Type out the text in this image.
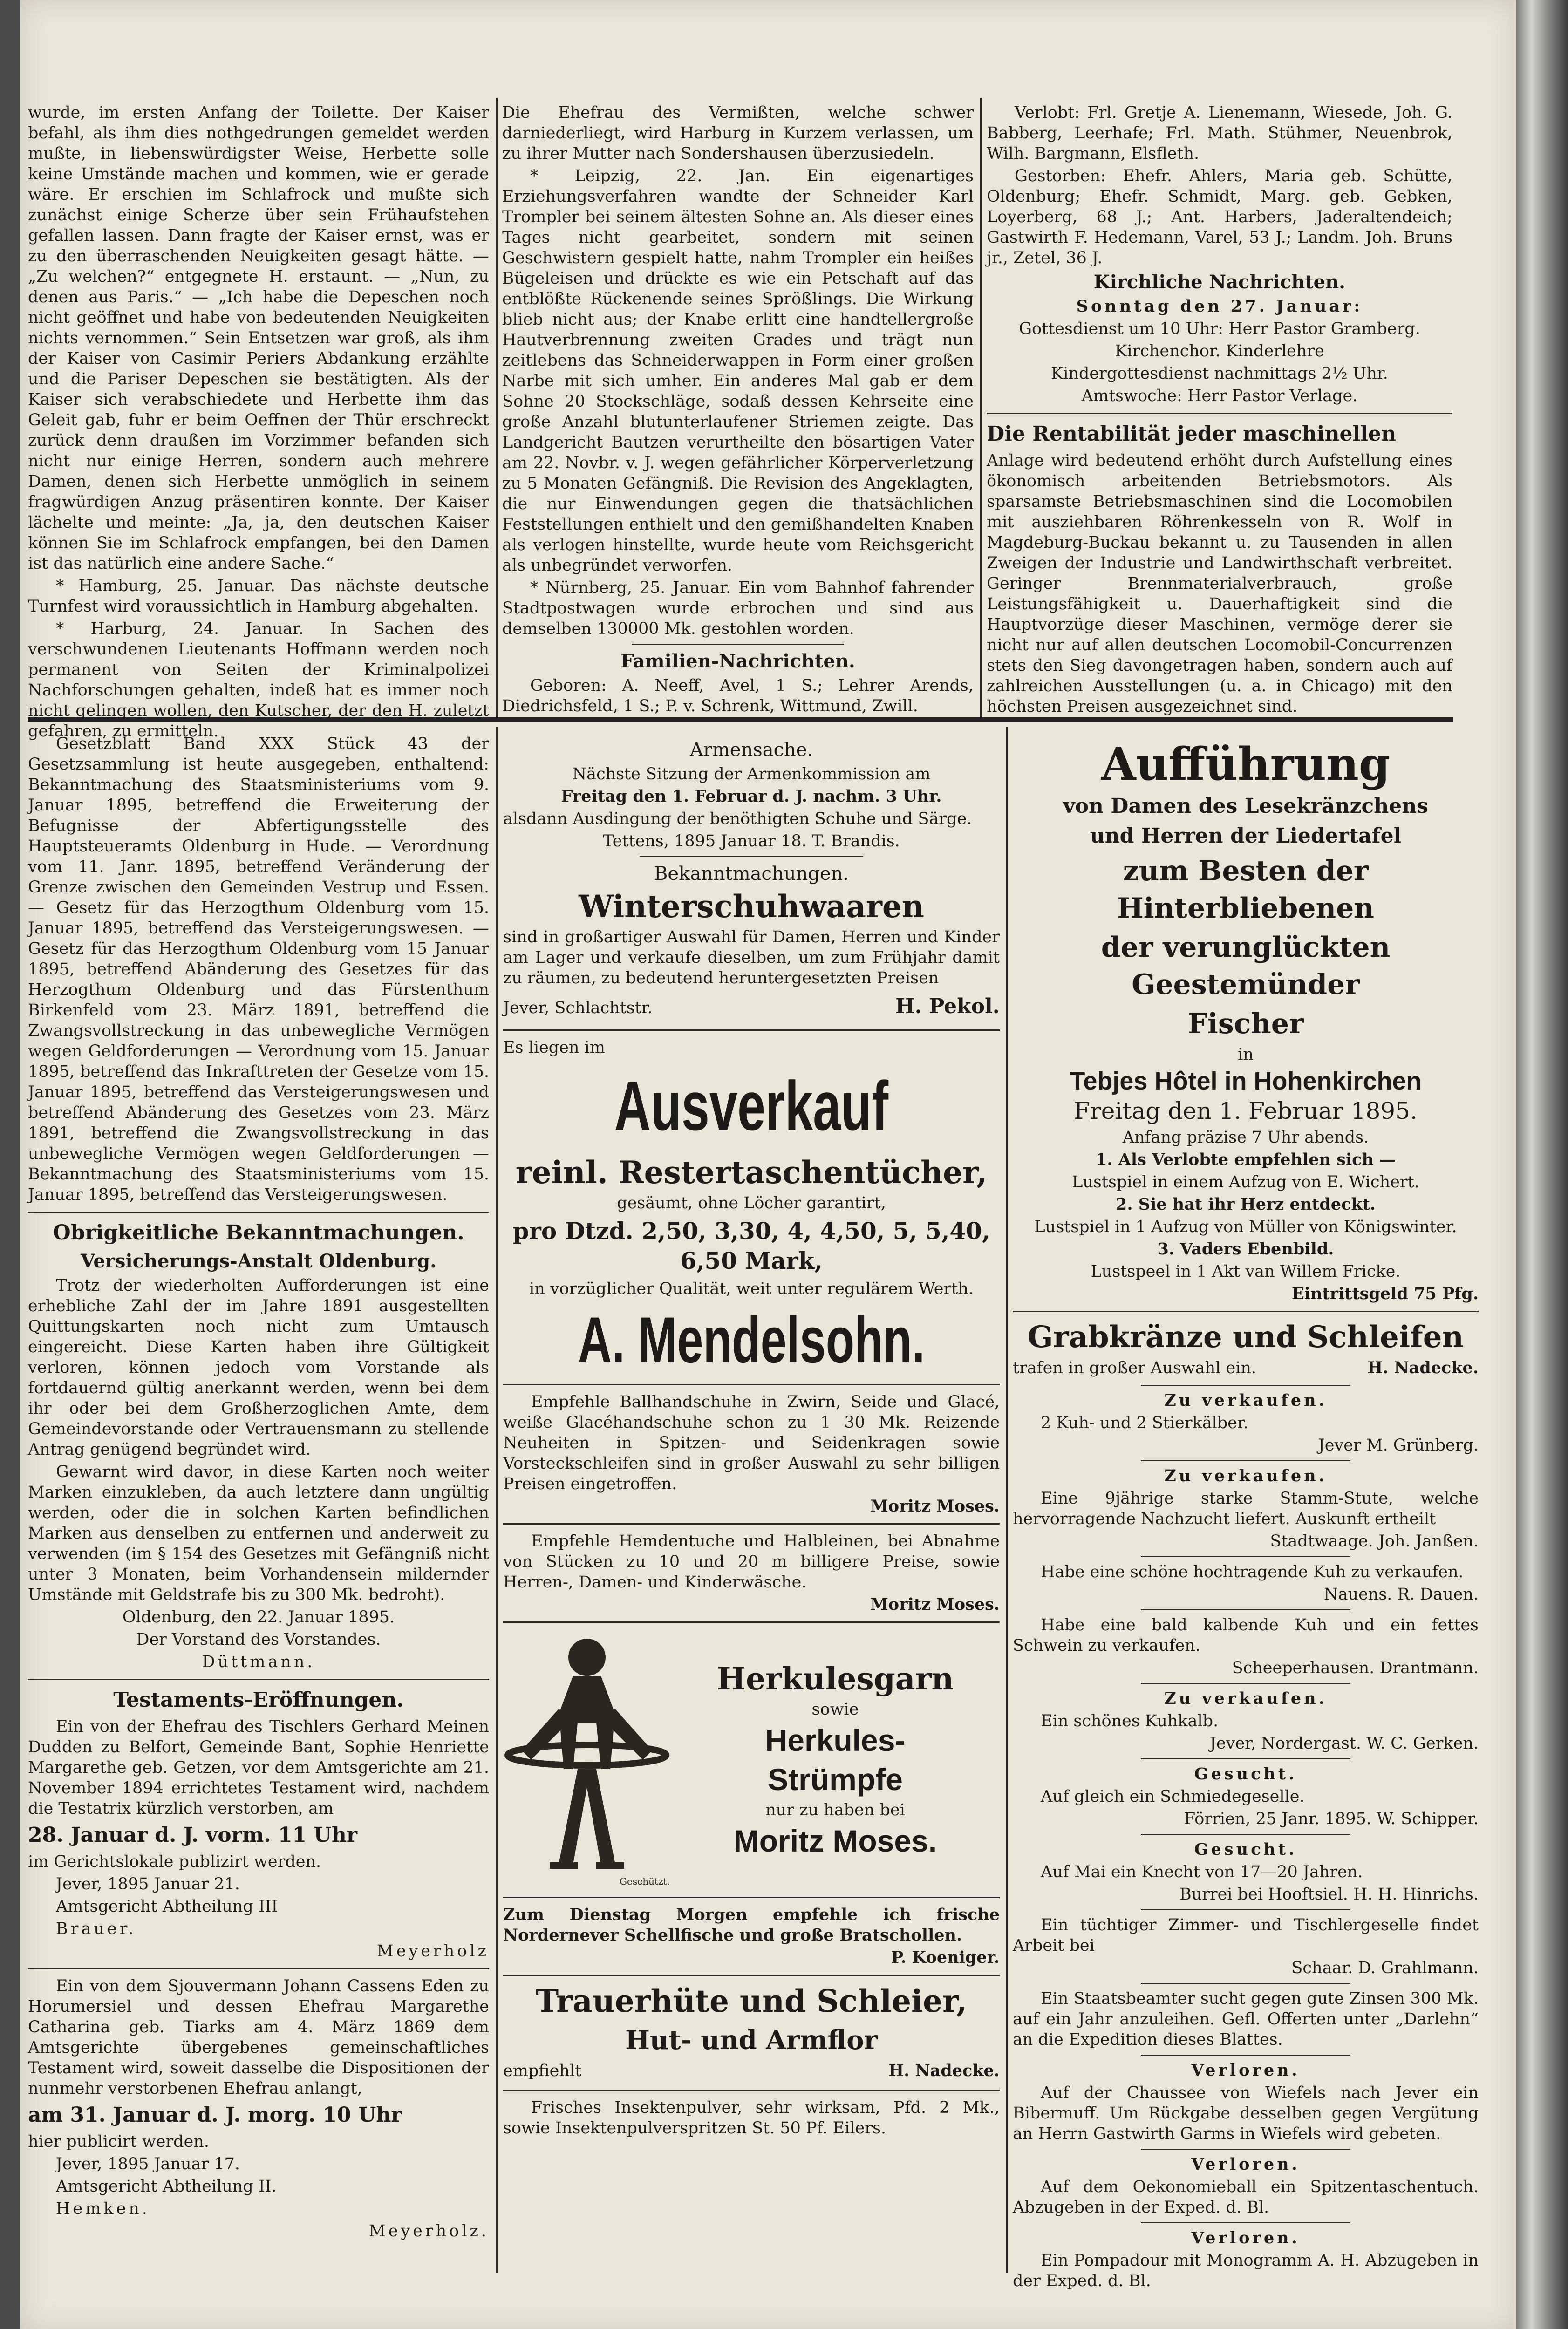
wurde, im ersten Anfang der Toilette. Der Kaiser befahl, als ihm dies nothgedrungen gemeldet werden mußte, in liebenswürdigster Weise, Herbette solle keine Umstände machen und kommen, wie er gerade wäre. Er erschien im Schlafrock und mußte sich zunächst einige Scherze über sein Frühaufstehen gefallen lassen. Dann fragte der Kaiser ernst, was er zu den überraschenden Neuigkeiten gesagt hätte. — „Zu welchen?“ entgegnete H. erstaunt. — „Nun, zu denen aus Paris.“ — „Ich habe die Depeschen noch nicht geöffnet und habe von bedeutenden Neuigkeiten nichts vernommen.“ Sein Entsetzen war groß, als ihm der Kaiser von Casimir Periers Abdankung erzählte und die Pariser Depeschen sie bestätigten. Als der Kaiser sich verabschiedete und Herbette ihm das Geleit gab, fuhr er beim Oeffnen der Thür erschreckt zurück denn draußen im Vorzimmer befanden sich nicht nur einige Herren, sondern auch mehrere Damen, denen sich Herbette unmöglich in seinem fragwürdigen Anzug präsentiren konnte. Der Kaiser lächelte und meinte: „Ja, ja, den deutschen Kaiser können Sie im Schlafrock empfangen, bei den Damen ist das natürlich eine andere Sache.“

* Hamburg, 25. Januar. Das nächste deutsche Turnfest wird voraussichtlich in Hamburg abgehalten.

* Harburg, 24. Januar. In Sachen des verschwundenen Lieutenants Hoffmann werden noch permanent von Seiten der Kriminalpolizei Nachforschungen gehalten, indeß hat es immer noch nicht gelingen wollen, den Kutscher, der den H. zuletzt gefahren, zu ermitteln.

Die Ehefrau des Vermißten, welche schwer darniederliegt, wird Harburg in Kurzem verlassen, um zu ihrer Mutter nach Sondershausen überzusiedeln.

* Leipzig, 22. Jan. Ein eigenartiges Erziehungsverfahren wandte der Schneider Karl Trompler bei seinem ältesten Sohne an. Als dieser eines Tages nicht gearbeitet, sondern mit seinen Geschwistern gespielt hatte, nahm Trompler ein heißes Bügeleisen und drückte es wie ein Petschaft auf das entblößte Rückenende seines Sprößlings. Die Wirkung blieb nicht aus; der Knabe erlitt eine handtellergroße Hautverbrennung zweiten Grades und trägt nun zeitlebens das Schneiderwappen in Form einer großen Narbe mit sich umher. Ein anderes Mal gab er dem Sohne 20 Stockschläge, sodaß dessen Kehrseite eine große Anzahl blutunterlaufener Striemen zeigte. Das Landgericht Bautzen verurtheilte den bösartigen Vater am 22. Novbr. v. J. wegen gefährlicher Körperverletzung zu 5 Monaten Gefängniß. Die Revision des Angeklagten, die nur Einwendungen gegen die thatsächlichen Feststellungen enthielt und den gemißhandelten Knaben als verlogen hinstellte, wurde heute vom Reichsgericht als unbegründet verworfen.

* Nürnberg, 25. Januar. Ein vom Bahnhof fahrender Stadtpostwagen wurde erbrochen und sind aus demselben 130000 Mk. gestohlen worden.

Familien-Nachrichten.

Geboren: A. Neeff, Avel, 1 S.; Lehrer Arends, Diedrichsfeld, 1 S.; P. v. Schrenk, Wittmund, Zwill.

Verlobt: Frl. Gretje A. Lienemann, Wiesede, Joh. G. Babberg, Leerhafe; Frl. Math. Stühmer, Neuenbrok, Wilh. Bargmann, Elsfleth.

Gestorben: Ehefr. Ahlers, Maria geb. Schütte, Oldenburg; Ehefr. Schmidt, Marg. geb. Gebken, Loyerberg, 68 J.; Ant. Harbers, Jaderaltendeich; Gastwirth F. Hedemann, Varel, 53 J.; Landm. Joh. Bruns jr., Zetel, 36 J.

Kirchliche Nachrichten.

Sonntag den 27. Januar:

Gottesdienst um 10 Uhr: Herr Pastor Gramberg.

Kirchenchor. Kinderlehre

Kindergottesdienst nachmittags 2½ Uhr.

Amtswoche: Herr Pastor Verlage.

Die Rentabilität jeder maschinellen

Anlage wird bedeutend erhöht durch Aufstellung eines ökonomisch arbeitenden Betriebsmotors. Als sparsamste Betriebsmaschinen sind die Locomobilen mit ausziehbaren Röhrenkesseln von R. Wolf in Magdeburg-Buckau bekannt u. zu Tausenden in allen Zweigen der Industrie und Landwirthschaft verbreitet. Geringer Brennmaterialverbrauch, große Leistungsfähigkeit u. Dauerhaftigkeit sind die Hauptvorzüge dieser Maschinen, vermöge derer sie nicht nur auf allen deutschen Locomobil-Concurrenzen stets den Sieg davongetragen haben, sondern auch auf zahlreichen Ausstellungen (u. a. in Chicago) mit den höchsten Preisen ausgezeichnet sind.

Gesetzblatt Band XXX Stück 43 der Gesetzsammlung ist heute ausgegeben, enthaltend: Bekanntmachung des Staatsministeriums vom 9. Januar 1895, betreffend die Erweiterung der Befugnisse der Abfertigungsstelle des Hauptsteueramts Oldenburg in Hude. — Verordnung vom 11. Janr. 1895, betreffend Veränderung der Grenze zwischen den Gemeinden Vestrup und Essen. — Gesetz für das Herzogthum Oldenburg vom 15. Januar 1895, betreffend das Versteigerungswesen. — Gesetz für das Herzogthum Oldenburg vom 15 Januar 1895, betreffend Abänderung des Gesetzes für das Herzogthum Oldenburg und das Fürstenthum Birkenfeld vom 23. März 1891, betreffend die Zwangsvollstreckung in das unbewegliche Vermögen wegen Geldforderungen — Verordnung vom 15. Januar 1895, betreffend das Inkrafttreten der Gesetze vom 15. Januar 1895, betreffend das Versteigerungswesen und betreffend Abänderung des Gesetzes vom 23. März 1891, betreffend die Zwangsvollstreckung in das unbewegliche Vermögen wegen Geldforderungen — Bekanntmachung des Staatsministeriums vom 15. Januar 1895, betreffend das Versteigerungswesen.

Obrigkeitliche Bekanntmachungen.
Versicherungs-Anstalt Oldenburg.

Trotz der wiederholten Aufforderungen ist eine erhebliche Zahl der im Jahre 1891 ausgestellten Quittungskarten noch nicht zum Umtausch eingereicht. Diese Karten haben ihre Gültigkeit verloren, können jedoch vom Vorstande als fortdauernd gültig anerkannt werden, wenn bei dem ihr oder bei dem Großherzoglichen Amte, dem Gemeindevorstande oder Vertrauensmann zu stellende Antrag genügend begründet wird.

Gewarnt wird davor, in diese Karten noch weiter Marken einzukleben, da auch letztere dann ungültig werden, oder die in solchen Karten befindlichen Marken aus denselben zu entfernen und anderweit zu verwenden (im § 154 des Gesetzes mit Gefängniß nicht unter 3 Monaten, beim Vorhandensein mildernder Umstände mit Geldstrafe bis zu 300 Mk. bedroht).

Oldenburg, den 22. Januar 1895.

Der Vorstand des Vorstandes.

Düttmann.

Testaments-Eröffnungen.

Ein von der Ehefrau des Tischlers Gerhard Meinen Dudden zu Belfort, Gemeinde Bant, Sophie Henriette Margarethe geb. Getzen, vor dem Amtsgerichte am 21. November 1894 errichtetes Testament wird, nachdem die Testatrix kürzlich verstorben, am

28. Januar d. J. vorm. 11 Uhr

im Gerichtslokale publizirt werden.

Jever, 1895 Januar 21.

Amtsgericht Abtheilung III

Brauer.

Meyerholz

Ein von dem Sjouvermann Johann Cassens Eden zu Horumersiel und dessen Ehefrau Margarethe Catharina geb. Tiarks am 4. März 1869 dem Amtsgerichte übergebenes gemeinschaftliches Testament wird, soweit dasselbe die Dispositionen der nunmehr verstorbenen Ehefrau anlangt,

am 31. Januar d. J. morg. 10 Uhr

hier publicirt werden.

Jever, 1895 Januar 17.

Amtsgericht Abtheilung II.

Hemken.

Meyerholz.

Armensache.

Nächste Sitzung der Armenkommission am

Freitag den 1. Februar d. J. nachm. 3 Uhr.

alsdann Ausdingung der benöthigten Schuhe und Särge.

Tettens, 1895 Januar 18. T. Brandis.

Bekanntmachungen.
Winterschuhwaaren

sind in großartiger Auswahl für Damen, Herren und Kinder am Lager und verkaufe dieselben, um zum Frühjahr damit zu räumen, zu bedeutend heruntergesetzten Preisen

Jever, Schlachtstr.	H. Pekol.

Es liegen im

Ausverkauf
reinl. Restertaschentücher,

gesäumt, ohne Löcher garantirt,

pro Dtzd. 2,50, 3,30, 4, 4,50, 5, 5,40, 6,50 Mark,

in vorzüglicher Qualität, weit unter regulärem Werth.

A. Mendelsohn.

Empfehle Ballhandschuhe in Zwirn, Seide und Glacé, weiße Glacéhandschuhe schon zu 1 30 Mk. Reizende Neuheiten in Spitzen- und Seidenkragen sowie Vorsteckschleifen sind in großer Auswahl zu sehr billigen Preisen eingetroffen.

Moritz Moses.

Empfehle Hemdentuche und Halbleinen, bei Abnahme von Stücken zu 10 und 20 m billigere Preise, sowie Herren-, Damen- und Kinderwäsche.

Moritz Moses.

Geschützt.
Herkulesgarn

sowie

Herkules-
Strümpfe

nur zu haben bei

Moritz Moses.

Zum Dienstag Morgen empfehle ich frische Nordernever Schellfische und große Bratschollen.

P. Koeniger.

Trauerhüte und Schleier,
Hut- und Armflor

empfiehlt	H. Nadecke.

Frisches Insektenpulver, sehr wirksam, Pfd. 2 Mk., sowie Insektenpulverspritzen St. 50 Pf. Eilers.

Aufführung
von Damen des Lesekränzchens
und Herren der Liedertafel
zum Besten der Hinterbliebenen
der verunglückten Geestemünder
Fischer

in

Tebjes Hôtel in Hohenkirchen
Freitag den 1. Februar 1895.

Anfang präzise 7 Uhr abends.

1. Als Verlobte empfehlen sich —

Lustspiel in einem Aufzug von E. Wichert.

2. Sie hat ihr Herz entdeckt.

Lustspiel in 1 Aufzug von Müller von Königswinter.

3. Vaders Ebenbild.

Lustspeel in 1 Akt van Willem Fricke.

Eintrittsgeld 75 Pfg.

Grabkränze und Schleifen

trafen in großer Auswahl ein.	H. Nadecke.

Zu verkaufen.

2 Kuh- und 2 Stierkälber.

Jever M. Grünberg.

Zu verkaufen.

Eine 9jährige starke Stamm-Stute, welche hervorragende Nachzucht liefert. Auskunft ertheilt

Stadtwaage. Joh. Janßen.

Habe eine schöne hochtragende Kuh zu verkaufen.

Nauens. R. Dauen.

Habe eine bald kalbende Kuh und ein fettes Schwein zu verkaufen.

Scheeperhausen. Drantmann.

Zu verkaufen.

Ein schönes Kuhkalb.

Jever, Nordergast. W. C. Gerken.

Gesucht.

Auf gleich ein Schmiedegeselle.

Förrien, 25 Janr. 1895. W. Schipper.

Gesucht.

Auf Mai ein Knecht von 17—20 Jahren.

Burrei bei Hooftsiel. H. H. Hinrichs.

Ein tüchtiger Zimmer- und Tischlergeselle findet Arbeit bei

Schaar. D. Grahlmann.

Ein Staatsbeamter sucht gegen gute Zinsen 300 Mk. auf ein Jahr anzuleihen. Gefl. Offerten unter „Darlehn“ an die Expedition dieses Blattes.

Verloren.

Auf der Chaussee von Wiefels nach Jever ein Bibermuff. Um Rückgabe desselben gegen Vergütung an Herrn Gastwirth Garms in Wiefels wird gebeten.

Verloren.

Auf dem Oekonomieball ein Spitzentaschentuch. Abzugeben in der Exped. d. Bl.

Verloren.

Ein Pompadour mit Monogramm A. H. Abzugeben in der Exped. d. Bl.
